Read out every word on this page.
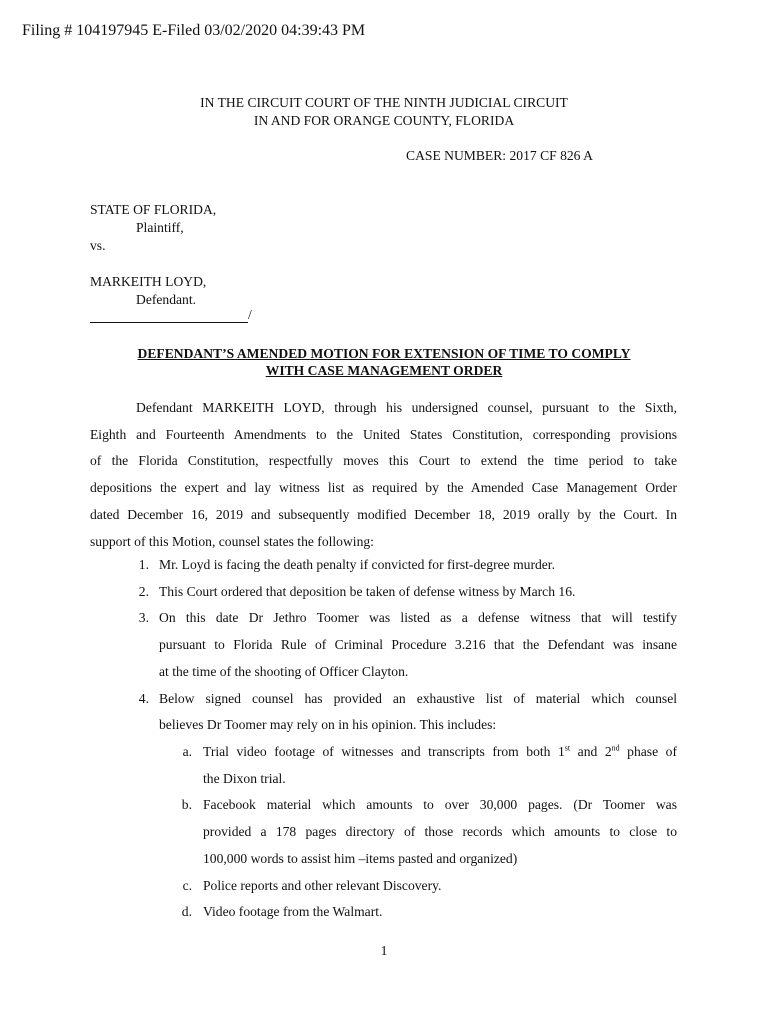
Filing # 104197945 E-Filed 03/02/2020 04:39:43 PM
IN THE CIRCUIT COURT OF THE NINTH JUDICIAL CIRCUIT
IN AND FOR ORANGE COUNTY, FLORIDA
CASE NUMBER: 2017 CF 826 A
STATE OF FLORIDA,
Plaintiff,
vs.
MARKEITH LOYD,
Defendant.
/
DEFENDANT’S AMENDED MOTION FOR EXTENSION OF TIME TO COMPLY
WITH CASE MANAGEMENT ORDER
Defendant MARKEITH LOYD, through his undersigned counsel, pursuant to the Sixth,
Eighth and Fourteenth Amendments to the United States Constitution, corresponding provisions
of the Florida Constitution, respectfully moves this Court to extend the time period to take
depositions the expert and lay witness list as required by the Amended Case Management Order
dated December 16, 2019 and subsequently modified December 18, 2019 orally by the Court. In
support of this Motion, counsel states the following:
1. Mr. Loyd is facing the death penalty if convicted for first-degree murder.
2. This Court ordered that deposition be taken of defense witness by March 16.
3. On this date Dr Jethro Toomer was listed as a defense witness that will testify
pursuant to Florida Rule of Criminal Procedure 3.216 that the Defendant was insane
at the time of the shooting of Officer Clayton.
4. Below signed counsel has provided an exhaustive list of material which counsel
believes Dr Toomer may rely on in his opinion. This includes:
a. Trial video footage of witnesses and transcripts from both 1st and 2nd phase of
the Dixon trial.
b. Facebook material which amounts to over 30,000 pages. (Dr Toomer was
provided a 178 pages directory of those records which amounts to close to
100,000 words to assist him –items pasted and organized)
c. Police reports and other relevant Discovery.
d. Video footage from the Walmart.
1
